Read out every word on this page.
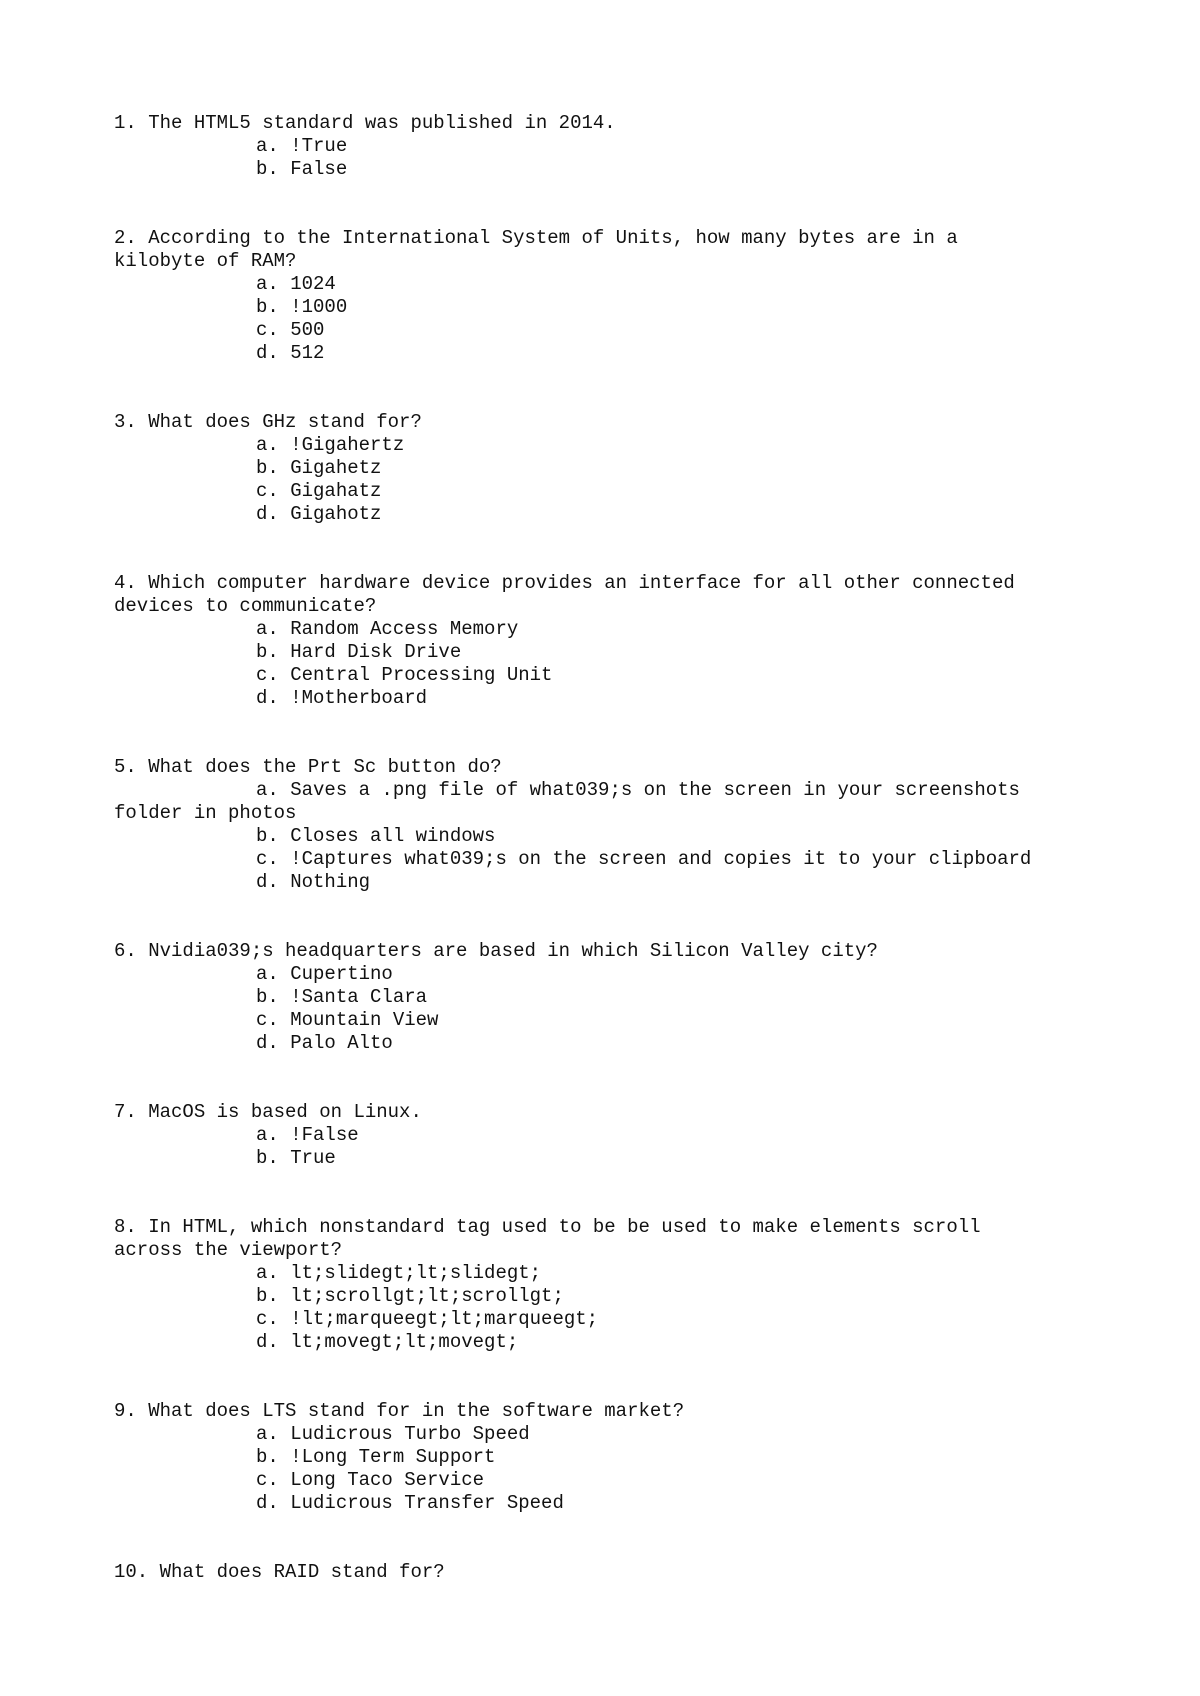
1. The HTML5 standard was published in 2014.
a. !True
b. False
2. According to the International System of Units, how many bytes are in a
kilobyte of RAM?
a. 1024
b. !1000
c. 500
d. 512
3. What does GHz stand for?
a. !Gigahertz
b. Gigahetz
c. Gigahatz
d. Gigahotz
4. Which computer hardware device provides an interface for all other connected
devices to communicate?
a. Random Access Memory
b. Hard Disk Drive
c. Central Processing Unit
d. !Motherboard
5. What does the Prt Sc button do?
a. Saves a .png file of what039;s on the screen in your screenshots
folder in photos
b. Closes all windows
c. !Captures what039;s on the screen and copies it to your clipboard
d. Nothing
6. Nvidia039;s headquarters are based in which Silicon Valley city?
a. Cupertino
b. !Santa Clara
c. Mountain View
d. Palo Alto
7. MacOS is based on Linux.
a. !False
b. True
8. In HTML, which nonstandard tag used to be be used to make elements scroll
across the viewport?
a. lt;slidegt;lt;slidegt;
b. lt;scrollgt;lt;scrollgt;
c. !lt;marqueegt;lt;marqueegt;
d. lt;movegt;lt;movegt;
9. What does LTS stand for in the software market?
a. Ludicrous Turbo Speed
b. !Long Term Support
c. Long Taco Service
d. Ludicrous Transfer Speed
10. What does RAID stand for?
